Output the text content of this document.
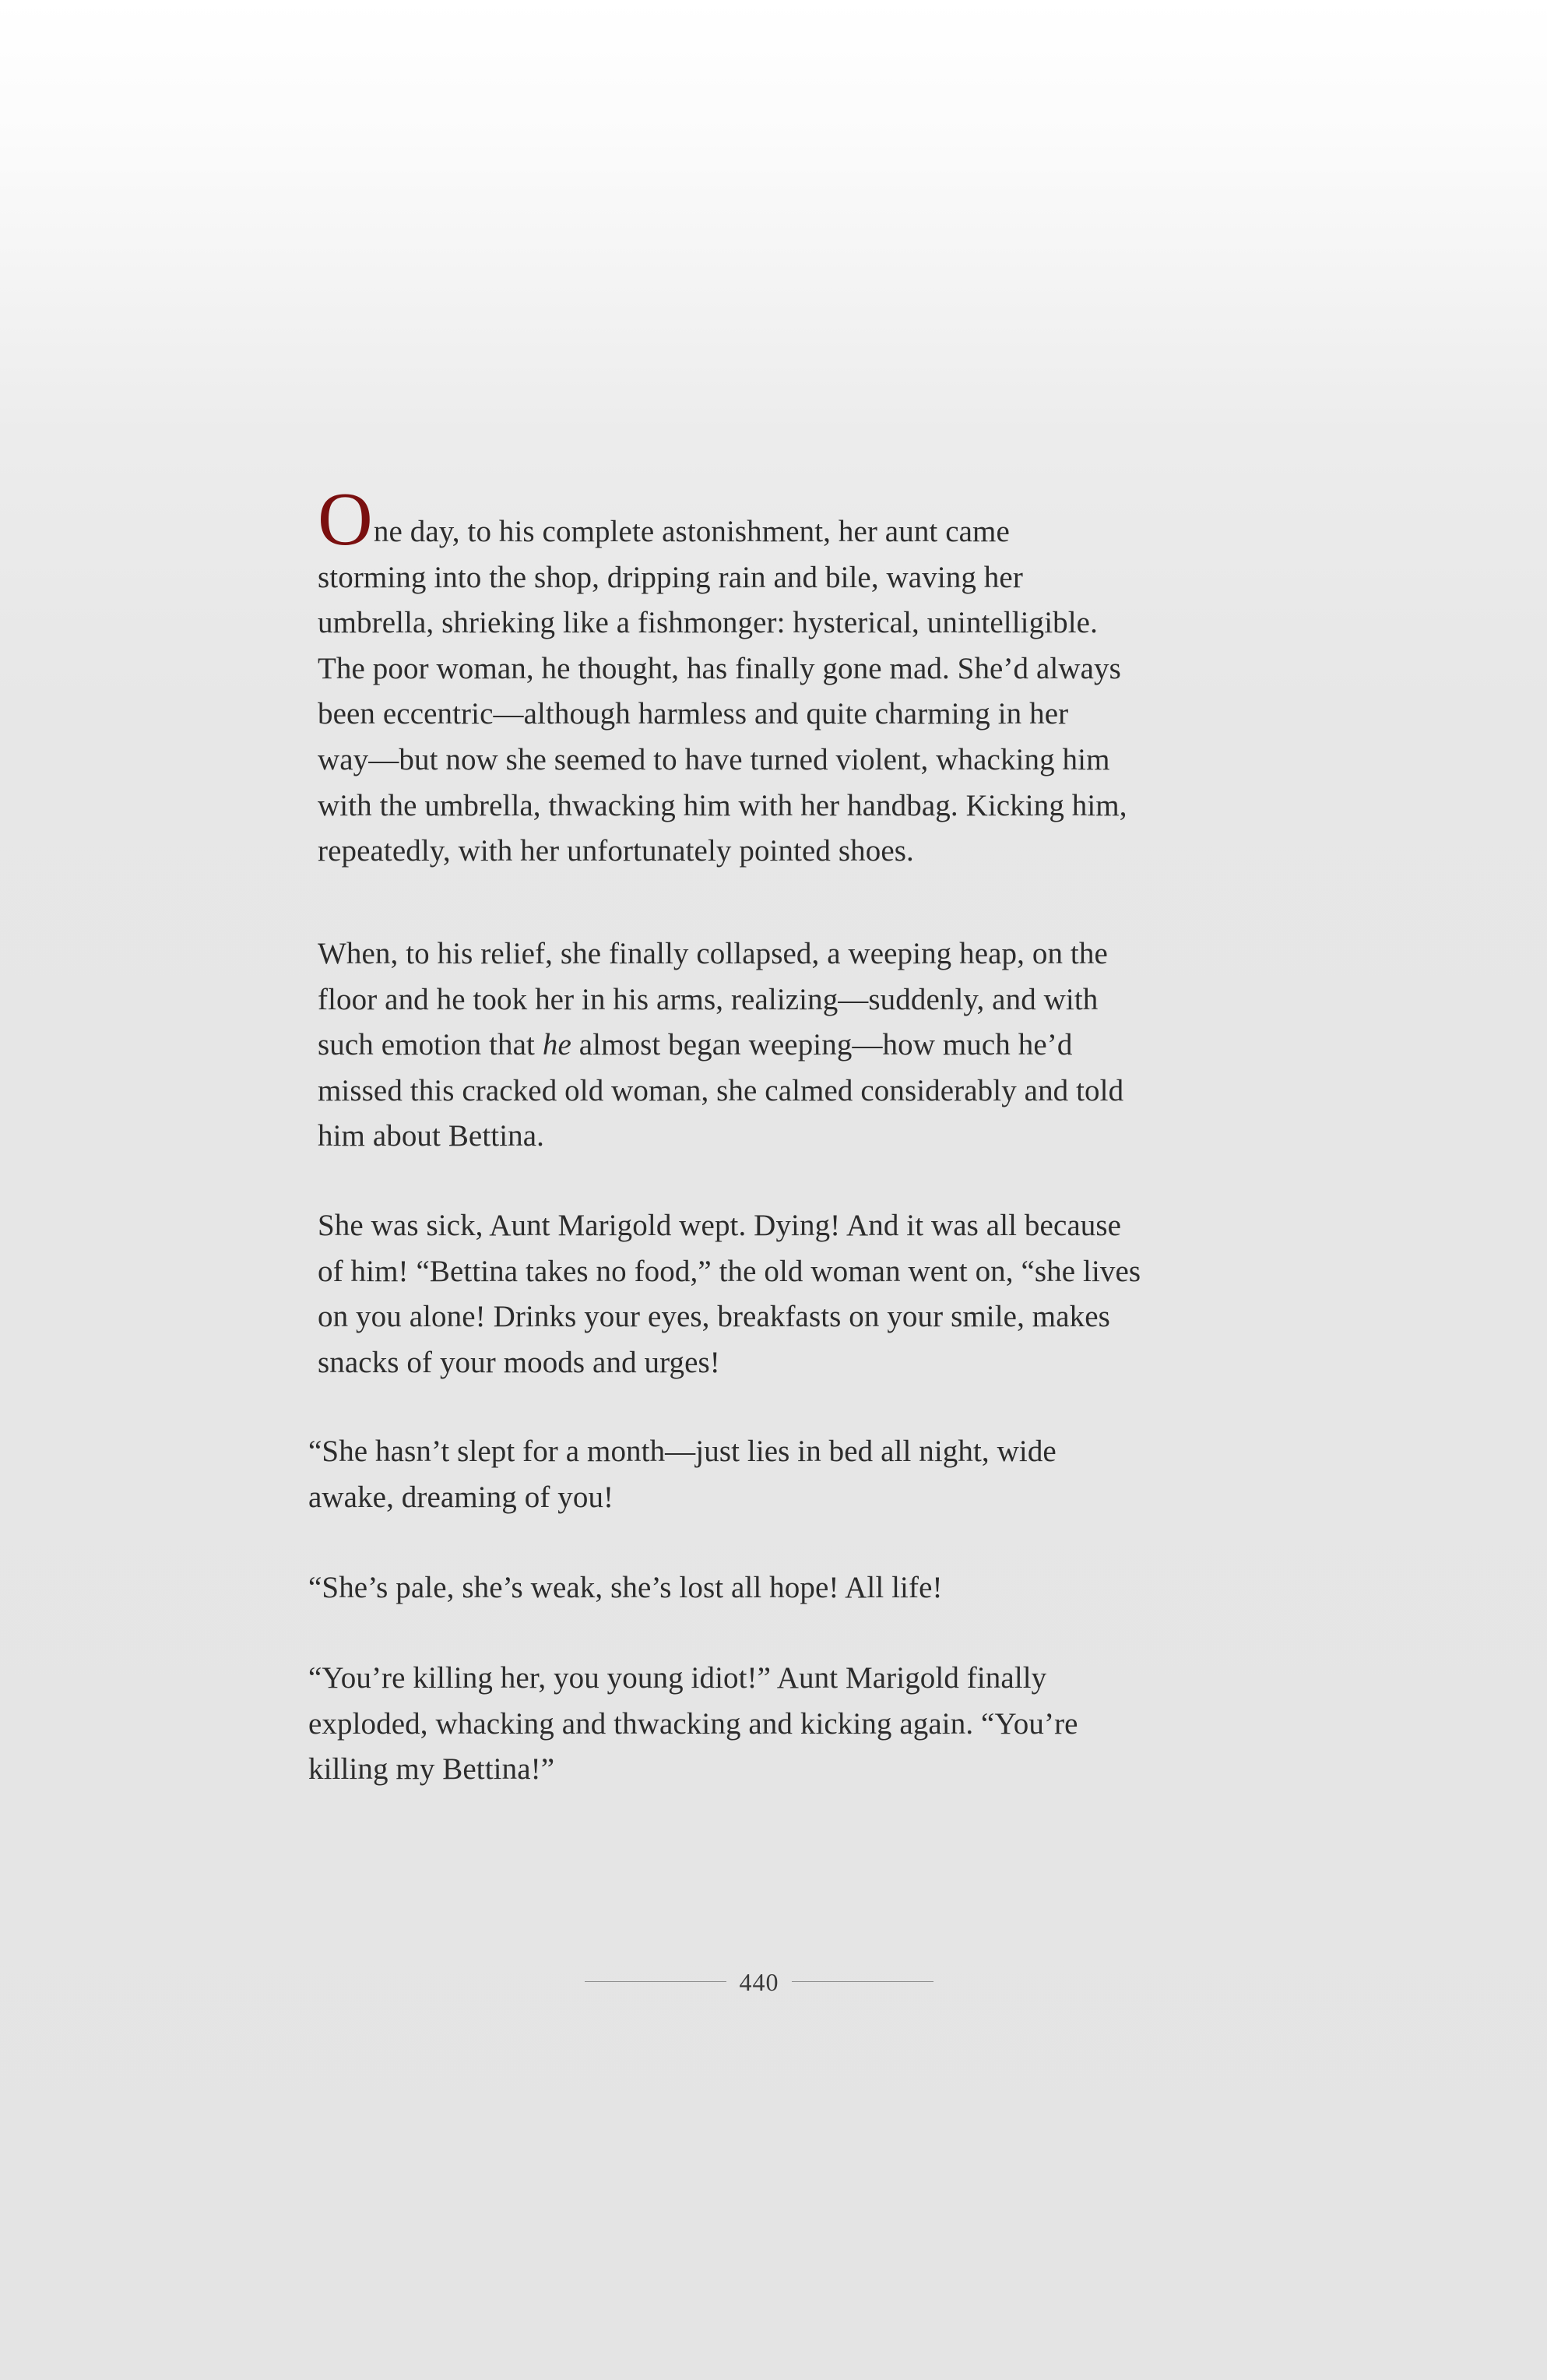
One day, to his complete astonishment, her aunt came
storming into the shop, dripping rain and bile, waving her
umbrella, shrieking like a fishmonger: hysterical, unintelligible.
The poor woman, he thought, has finally gone mad. She’d always
been eccentric—although harmless and quite charming in her
way—but now she seemed to have turned violent, whacking him
with the umbrella, thwacking him with her handbag. Kicking him,
repeatedly, with her unfortunately pointed shoes.

When, to his relief, she finally collapsed, a weeping heap, on the
floor and he took her in his arms, realizing—suddenly, and with
such emotion that he almost began weeping—how much he’d
missed this cracked old woman, she calmed considerably and told
him about Bettina.

She was sick, Aunt Marigold wept. Dying! And it was all because
of him! “Bettina takes no food,” the old woman went on, “she lives
on you alone! Drinks your eyes, breakfasts on your smile, makes
snacks of your moods and urges!

“She hasn’t slept for a month—just lies in bed all night, wide
awake, dreaming of you!

“She’s pale, she’s weak, she’s lost all hope! All life!

“You’re killing her, you young idiot!” Aunt Marigold finally
exploded, whacking and thwacking and kicking again. “You’re
killing my Bettina!”

440
